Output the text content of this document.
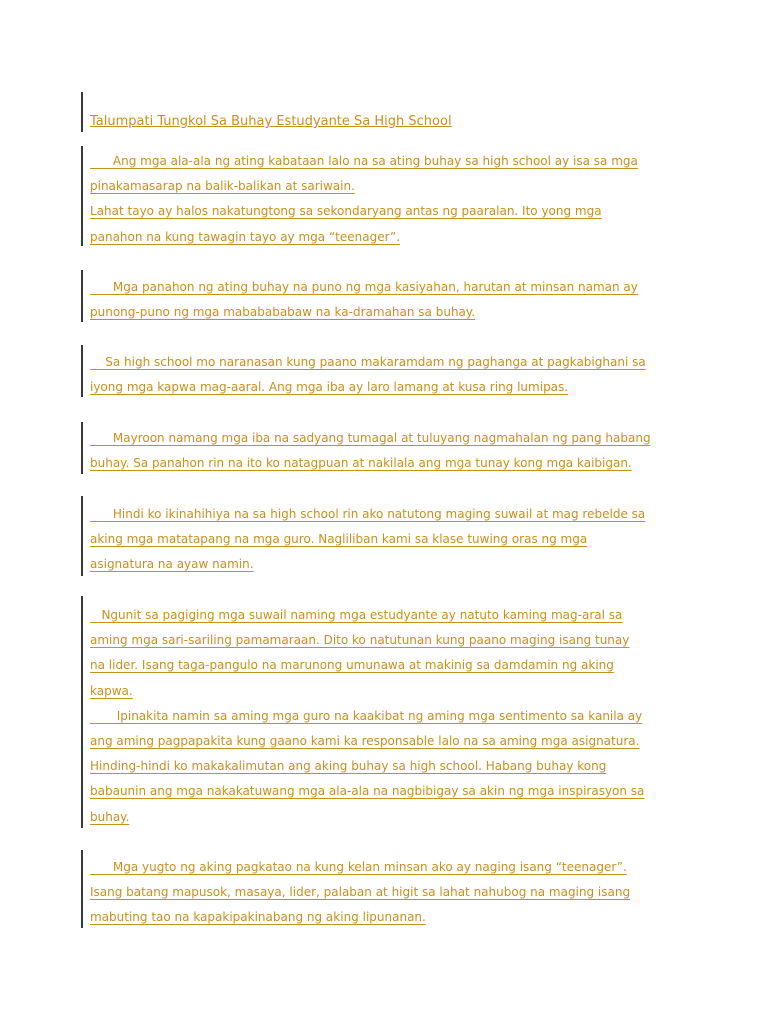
Talumpati Tungkol Sa Buhay Estudyante Sa High School
Ang mga ala-ala ng ating kabataan lalo na sa ating buhay sa high school ay isa sa mga
pinakamasarap na balik-balikan at sariwain.
Lahat tayo ay halos nakatungtong sa sekondaryang antas ng paaralan. Ito yong mga
panahon na kung tawagin tayo ay mga “teenager”.
Mga panahon ng ating buhay na puno ng mga kasiyahan, harutan at minsan naman ay
punong-puno ng mga mababababaw na ka-dramahan sa buhay.
Sa high school mo naranasan kung paano makaramdam ng paghanga at pagkabighani sa
iyong mga kapwa mag-aaral. Ang mga iba ay laro lamang at kusa ring lumipas.
Mayroon namang mga iba na sadyang tumagal at tuluyang nagmahalan ng pang habang
buhay. Sa panahon rin na ito ko natagpuan at nakilala ang mga tunay kong mga kaibigan.
Hindi ko ikinahihiya na sa high school rin ako natutong maging suwail at mag rebelde sa
aking mga matatapang na mga guro. Nagliliban kami sa klase tuwing oras ng mga
asignatura na ayaw namin.
Ngunit sa pagiging mga suwail naming mga estudyante ay natuto kaming mag-aral sa
aming mga sari-sariling pamamaraan. Dito ko natutunan kung paano maging isang tunay
na lider. Isang taga-pangulo na marunong umunawa at makinig sa damdamin ng aking
kapwa.
Ipinakita namin sa aming mga guro na kaakibat ng aming mga sentimento sa kanila ay
ang aming pagpapakita kung gaano kami ka responsable lalo na sa aming mga asignatura.
Hinding-hindi ko makakalimutan ang aking buhay sa high school. Habang buhay kong
babaunin ang mga nakakatuwang mga ala-ala na nagbibigay sa akin ng mga inspirasyon sa
buhay.
Mga yugto ng aking pagkatao na kung kelan minsan ako ay naging isang “teenager”.
Isang batang mapusok, masaya, lider, palaban at higit sa lahat nahubog na maging isang
mabuting tao na kapakipakinabang ng aking lipunanan.
